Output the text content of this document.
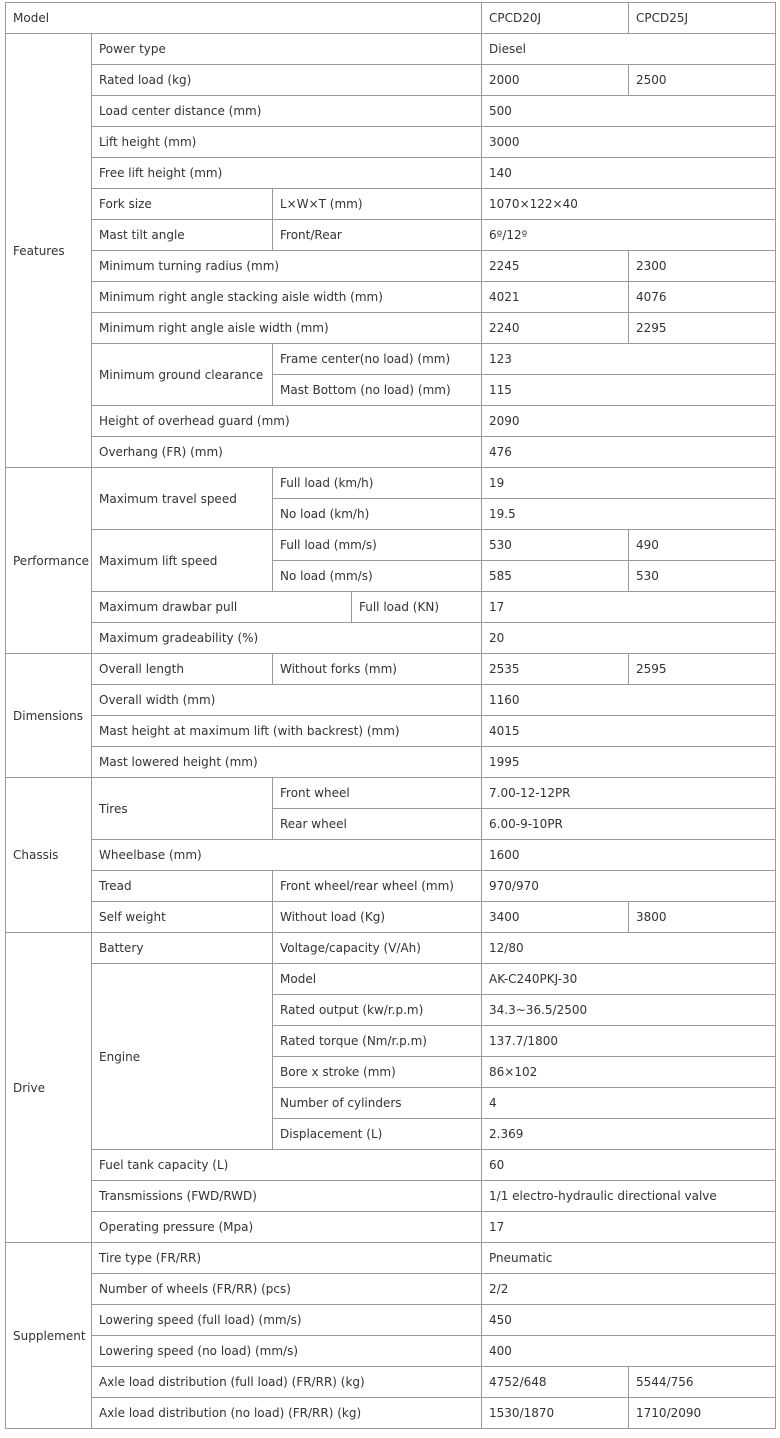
Model				CPCD20J	CPCD25J
Features	Power type			Diesel	
	Rated load (kg)			2000	2500
	Load center distance (mm)			500	
	Lift height (mm)			3000	
	Free lift height (mm)			140	
	Fork size	L×W×T (mm)		1070×122×40	
	Mast tilt angle	Front/Rear		6º/12º	
	Minimum turning radius (mm)			2245	2300
	Minimum right angle stacking aisle width (mm)			4021	4076
	Minimum right angle aisle width (mm)			2240	2295
	Minimum ground clearance	Frame center(no load) (mm)		123	
		Mast Bottom (no load) (mm)		115	
	Height of overhead guard (mm)			2090	
	Overhang (FR) (mm)			476	
Performance	Maximum travel speed	Full load (km/h)		19	
		No load (km/h)		19.5	
	Maximum lift speed	Full load (mm/s)		530	490
		No load (mm/s)		585	530
	Maximum drawbar pull		Full load (KN)	17	
	Maximum gradeability (%)			20	
Dimensions	Overall length	Without forks (mm)		2535	2595
	Overall width (mm)			1160	
	Mast height at maximum lift (with backrest) (mm)			4015	
	Mast lowered height (mm)			1995	
Chassis	Tires	Front wheel		7.00-12-12PR	
		Rear wheel		6.00-9-10PR	
	Wheelbase (mm)			1600	
	Tread	Front wheel/rear wheel (mm)		970/970	
	Self weight	Without load (Kg)		3400	3800
Drive	Battery	Voltage/capacity (V/Ah)		12/80	
	Engine	Model		AK-C240PKJ-30	
		Rated output (kw/r.p.m)		34.3~36.5/2500	
		Rated torque (Nm/r.p.m)		137.7/1800	
		Bore x stroke (mm)		86×102	
		Number of cylinders		4	
		Displacement (L)		2.369	
	Fuel tank capacity (L)			60	
	Transmissions (FWD/RWD)			1/1 electro-hydraulic directional valve	
	Operating pressure (Mpa)			17	
Supplement	Tire type (FR/RR)			Pneumatic	
	Number of wheels (FR/RR) (pcs)			2/2	
	Lowering speed (full load) (mm/s)			450	
	Lowering speed (no load) (mm/s)			400	
	Axle load distribution (full load) (FR/RR) (kg)			4752/648	5544/756
	Axle load distribution (no load) (FR/RR) (kg)			1530/1870	1710/2090
